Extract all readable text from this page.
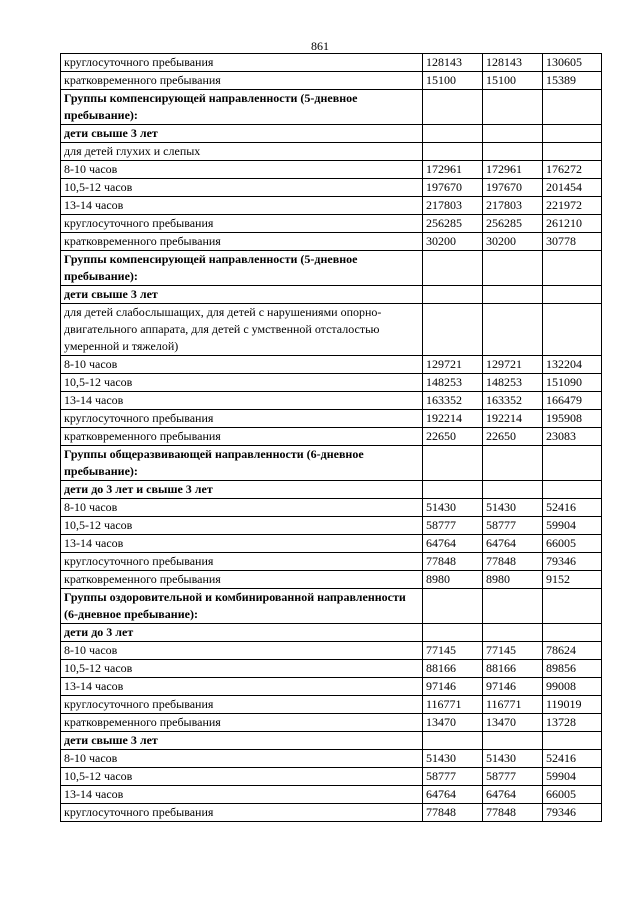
861
круглосуточного пребывания	128143	128143	130605
кратковременного пребывания	15100	15100	15389
Группы компенсирующей направленности (5-дневное пребывание):			
дети свыше 3 лет			
для детей глухих и слепых			
8-10 часов	172961	172961	176272
10,5-12 часов	197670	197670	201454
13-14 часов	217803	217803	221972
круглосуточного пребывания	256285	256285	261210
кратковременного пребывания	30200	30200	30778
Группы компенсирующей направленности (5-дневное пребывание):			
дети свыше 3 лет			
для детей слабослышащих, для детей с нарушениями опорно-двигательного аппарата, для детей с умственной отсталостью умеренной и тяжелой)			
8-10 часов	129721	129721	132204
10,5-12 часов	148253	148253	151090
13-14 часов	163352	163352	166479
круглосуточного пребывания	192214	192214	195908
кратковременного пребывания	22650	22650	23083
Группы общеразвивающей направленности (6-дневное пребывание):			
дети до 3 лет и свыше 3 лет			
8-10 часов	51430	51430	52416
10,5-12 часов	58777	58777	59904
13-14 часов	64764	64764	66005
круглосуточного пребывания	77848	77848	79346
кратковременного пребывания	8980	8980	9152
Группы оздоровительной и комбинированной направленности (6-дневное пребывание):			
дети до 3 лет			
8-10 часов	77145	77145	78624
10,5-12 часов	88166	88166	89856
13-14 часов	97146	97146	99008
круглосуточного пребывания	116771	116771	119019
кратковременного пребывания	13470	13470	13728
дети свыше 3 лет			
8-10 часов	51430	51430	52416
10,5-12 часов	58777	58777	59904
13-14 часов	64764	64764	66005
круглосуточного пребывания	77848	77848	79346
